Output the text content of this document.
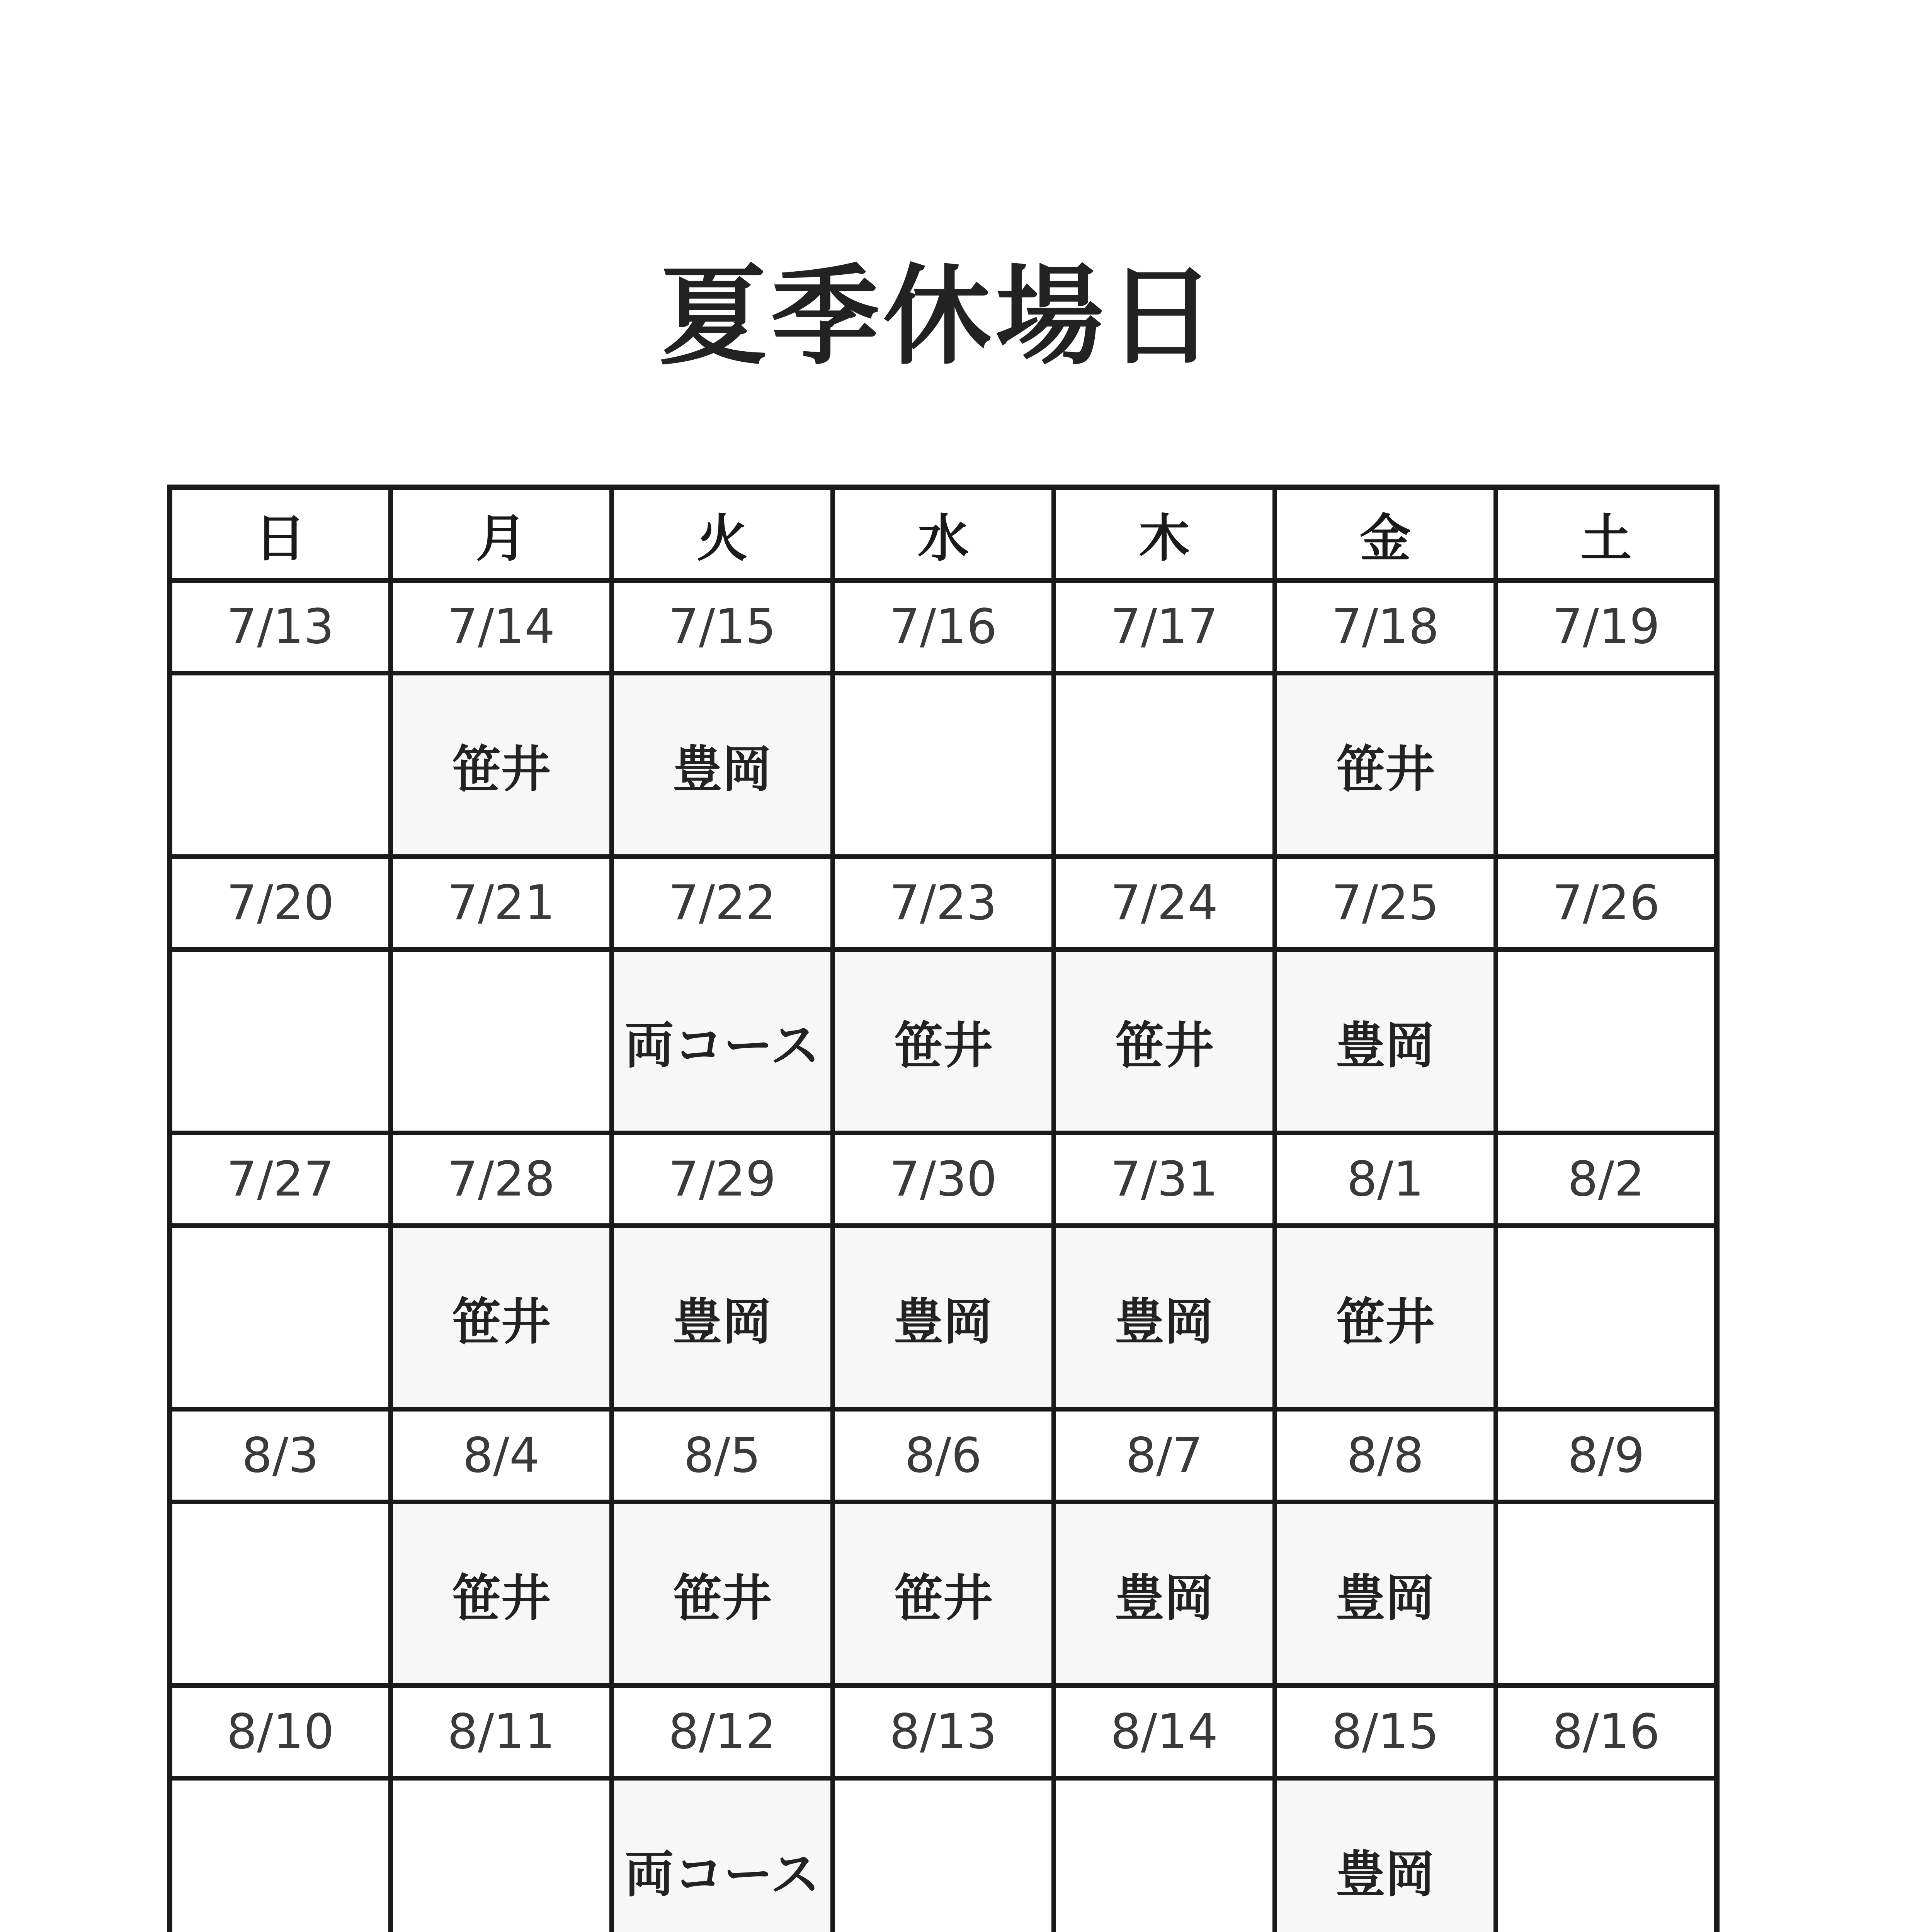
夏季休場日
日	月	火	水	木	金	土
7/13	7/14	7/15	7/16	7/17	7/18	7/19
	笹井	豊岡			笹井	
7/20	7/21	7/22	7/23	7/24	7/25	7/26
		両コース	笹井	笹井	豊岡	
7/27	7/28	7/29	7/30	7/31	8/1	8/2
	笹井	豊岡	豊岡	豊岡	笹井	
8/3	8/4	8/5	8/6	8/7	8/8	8/9
	笹井	笹井	笹井	豊岡	豊岡	
8/10	8/11	8/12	8/13	8/14	8/15	8/16
		両コース			豊岡	
